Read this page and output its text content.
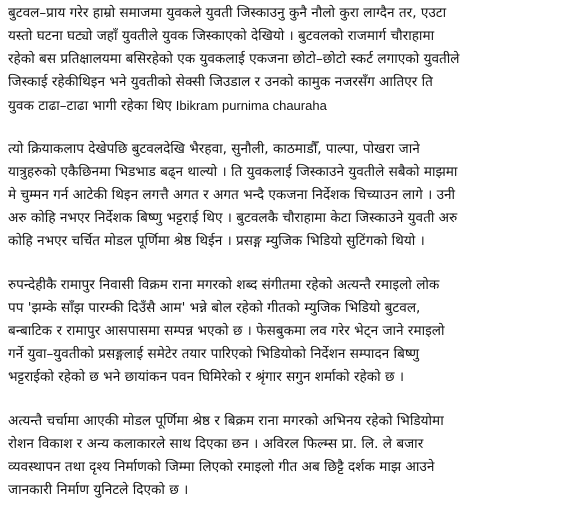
बुटवल–प्राय गरेर हाम्रो समाजमा युवकले युवती जिस्काउनु कुनै नौलो कुरा लाग्दैन तर, एउटा
यस्तो घटना घट्यो जहाँ युवतीले युवक जिस्काएको देखियो । बुटवलको राजमार्ग चौराहामा
रहेको बस प्रतिक्षालयमा बसिरहेको एक युवकलाई एकजना छोटो–छोटो स्कर्ट लगाएको युवतीले
जिस्काई रहेकीथिइन भने युवतीको सेक्सी जिउडाल र उनको कामुक नजरसँग आतिएर ति
युवक टाढा–टाढा भागी रहेका थिए Ibikram purnima chauraha

त्यो क्रियाकलाप देखेपछि बुटवलदेखि भैरहवा, सुनौली, काठमाडौँ, पाल्पा, पोखरा जाने
यात्रुहरुको एकैछिनमा भिडभाड बढ्न थाल्यो । ति युवकलाई जिस्काउने युवतीले सबैको माझमा
मे चुम्मन गर्न आटेकी थिइन लगत्तै अगत र अगत भन्दै एकजना निर्देशक चिच्याउन लागे । उनी
अरु कोहि नभएर निर्देशक बिष्णु भट्टराई थिए । बुटवलकै चौराहामा केटा जिस्काउने युवती अरु
कोहि नभएर चर्चित मोडल पूर्णिमा श्रेष्ठ थिईन । प्रसङ्ग म्युजिक भिडियो सुटिंगको थियो ।

रुपन्देहीकै रामापुर निवासी विक्रम राना मगरको शब्द संगीतमा रहेको अत्यन्तै रमाइलो लोक
पप 'झम्के साँझ पारम्की दिउँसै आम' भन्ने बोल रहेको गीतको म्युजिक भिडियो बुटवल,
बन्बाटिक र रामापुर आसपासमा सम्पन्न भएको छ । फेसबुकमा लव गरेर भेट्न जाने रमाइलो
गर्ने युवा–युवतीको प्रसङ्गलाई समेटेर तयार पारिएको भिडियोको निर्देशन सम्पादन बिष्णु
भट्टराईको रहेको छ भने छायांकन पवन घिमिरेको र श्रृंगार सगुन शर्माको रहेको छ ।

अत्यन्तै चर्चामा आएकी मोडल पूर्णिमा श्रेष्ठ र बिक्रम राना मगरको अभिनय रहेको भिडियोमा
रोशन विकाश र अन्य कलाकारले साथ दिएका छन । अविरल फिल्म्स प्रा. लि. ले बजार
व्यवस्थापन तथा दृश्य निर्माणको जिम्मा लिएको रमाइलो गीत अब छिट्टै दर्शक माझ आउने
जानकारी निर्माण युनिटले दिएको छ ।
